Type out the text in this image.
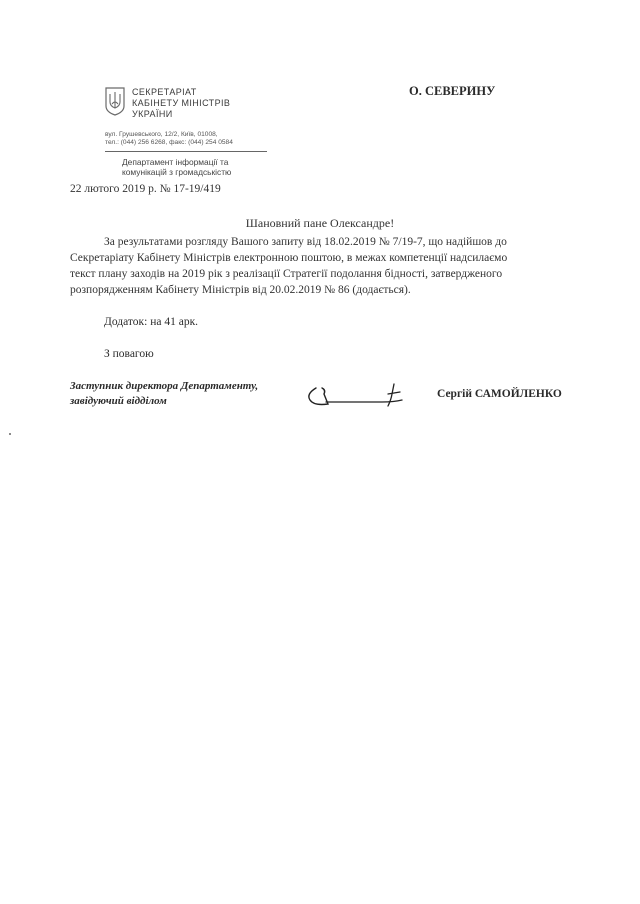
СЕКРЕТАРІАТ
КАБІНЕТУ МІНІСТРІВ
УКРАЇНИ
вул. Грушевського, 12/2, Київ, 01008,
тел.: (044) 256 6268, факс: (044) 254 0584
Департамент інформації та
комунікацій з громадськістю
22 лютого 2019 р. № 17-19/419
О. СЕВЕРИНУ
Шановний пане Олександре!
За результатами розгляду Вашого запиту від 18.02.2019 № 7/19-7, що надійшов до
Секретаріату Кабінету Міністрів електронною поштою, в межах компетенції надсилаємо
текст плану заходів на 2019 рік з реалізації Стратегії подолання бідності, затвердженого
розпорядженням Кабінету Міністрів від 20.02.2019 № 86 (додається).
Додаток: на 41 арк.
З повагою
Заступник директора Департаменту,
завідуючий відділом
Сергій САМОЙЛЕНКО
